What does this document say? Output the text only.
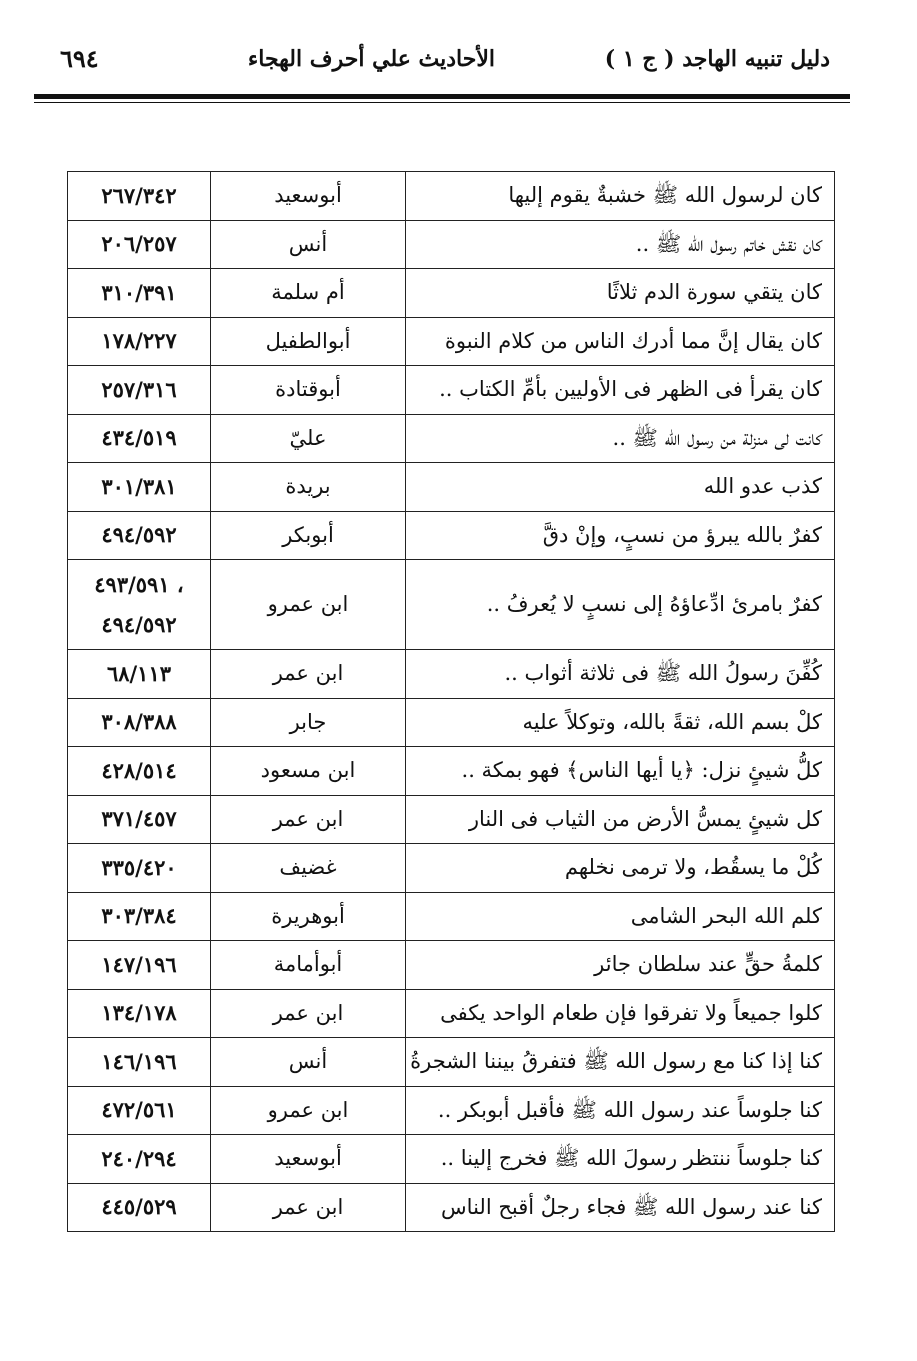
دليل تنبيه الهاجد ( ج ١ )
الأحاديث علي أحرف الهجاء
٦٩٤
كان لرسول الله ﷺ خشبةٌ يقوم إليها	أبوسعيد	٢٦٧/٣٤٢

كان نقش خاتم رسول الله ﷺ ..	أنس	٢٠٦/٢٥٧

كان يتقي سورة الدم ثلاثًا	أم سلمة	٣١٠/٣٩١

كان يقال إنَّ مما أدرك الناس من كلام النبوة	أبوالطفيل	١٧٨/٢٢٧

كان يقرأ فى الظهر فى الأوليين بأمِّ الكتاب ..	أبوقتادة	٢٥٧/٣١٦

كانت لى منزلة من رسول الله ﷺ ..	عليّ	٤٣٤/٥١٩

كذب عدو الله	بريدة	٣٠١/٣٨١

كفرٌ بالله يبرؤ من نسبٍ، وإنْ دقَّ	أبوبكر	٤٩٤/٥٩٢

كفرٌ بامرئ ادِّعاؤهُ إلى نسبٍ لا يُعرفُ ..	ابن عمرو	٤٩٣/٥٩١ ،
٤٩٤/٥٩٢

كُفِّنَ رسولُ الله ﷺ فى ثلاثة أثواب ..	ابن عمر	٦٨/١١٣

كلْ بسم الله، ثقةً بالله، وتوكلاً عليه	جابر	٣٠٨/٣٨٨

كلُّ شيئٍ نزل: ﴿يا أيها الناس﴾ فهو بمكة ..	ابن مسعود	٤٢٨/٥١٤

كل شيئٍ يمسُّ الأرض من الثياب فى النار	ابن عمر	٣٧١/٤٥٧

كُلْ ما يسقُط، ولا ترمى نخلهم	غضيف	٣٣٥/٤٢٠

كلم الله البحر الشامى	أبوهريرة	٣٠٣/٣٨٤

كلمةُ حقٍّ عند سلطان جائر	أبوأمامة	١٤٧/١٩٦

كلوا جميعاً ولا تفرقوا فإن طعام الواحد يكفى	ابن عمر	١٣٤/١٧٨

كنا إذا كنا مع رسول الله ﷺ فتفرقُ بيننا الشجرةُ	أنس	١٤٦/١٩٦

كنا جلوساً عند رسول الله ﷺ فأقبل أبوبكر ..	ابن عمرو	٤٧٢/٥٦١

كنا جلوساً ننتظر رسولَ الله ﷺ فخرج إلينا ..	أبوسعيد	٢٤٠/٢٩٤

كنا عند رسول الله ﷺ فجاء رجلٌ أقبح الناس	ابن عمر	٤٤٥/٥٢٩
